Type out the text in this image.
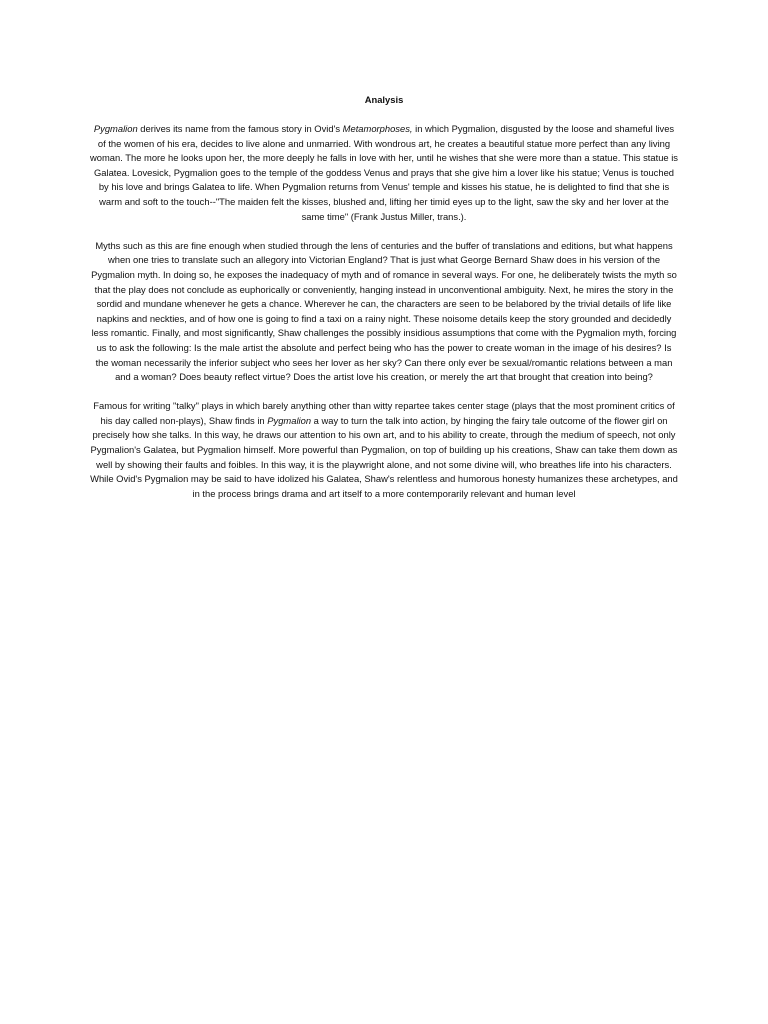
Analysis

Pygmalion derives its name from the famous story in Ovid's Metamorphoses, in which Pygmalion, disgusted by the loose and shameful lives of the women of his era, decides to live alone and unmarried. With wondrous art, he creates a beautiful statue more perfect than any living woman. The more he looks upon her, the more deeply he falls in love with her, until he wishes that she were more than a statue. This statue is Galatea. Lovesick, Pygmalion goes to the temple of the goddess Venus and prays that she give him a lover like his statue; Venus is touched by his love and brings Galatea to life. When Pygmalion returns from Venus' temple and kisses his statue, he is delighted to find that she is warm and soft to the touch--"The maiden felt the kisses, blushed and, lifting her timid eyes up to the light, saw the sky and her lover at the same time" (Frank Justus Miller, trans.).

Myths such as this are fine enough when studied through the lens of centuries and the buffer of translations and editions, but what happens when one tries to translate such an allegory into Victorian England? That is just what George Bernard Shaw does in his version of the Pygmalion myth. In doing so, he exposes the inadequacy of myth and of romance in several ways. For one, he deliberately twists the myth so that the play does not conclude as euphorically or conveniently, hanging instead in unconventional ambiguity. Next, he mires the story in the sordid and mundane whenever he gets a chance. Wherever he can, the characters are seen to be belabored by the trivial details of life like napkins and neckties, and of how one is going to find a taxi on a rainy night. These noisome details keep the story grounded and decidedly less romantic. Finally, and most significantly, Shaw challenges the possibly insidious assumptions that come with the Pygmalion myth, forcing us to ask the following: Is the male artist the absolute and perfect being who has the power to create woman in the image of his desires? Is the woman necessarily the inferior subject who sees her lover as her sky? Can there only ever be sexual/romantic relations between a man and a woman? Does beauty reflect virtue? Does the artist love his creation, or merely the art that brought that creation into being?

Famous for writing "talky" plays in which barely anything other than witty repartee takes center stage (plays that the most prominent critics of his day called non-plays), Shaw finds in Pygmalion a way to turn the talk into action, by hinging the fairy tale outcome of the flower girl on precisely how she talks. In this way, he draws our attention to his own art, and to his ability to create, through the medium of speech, not only Pygmalion's Galatea, but Pygmalion himself. More powerful than Pygmalion, on top of building up his creations, Shaw can take them down as well by showing their faults and foibles. In this way, it is the playwright alone, and not some divine will, who breathes life into his characters. While Ovid's Pygmalion may be said to have idolized his Galatea, Shaw's relentless and humorous honesty humanizes these archetypes, and in the process brings drama and art itself to a more contemporarily relevant and human level
